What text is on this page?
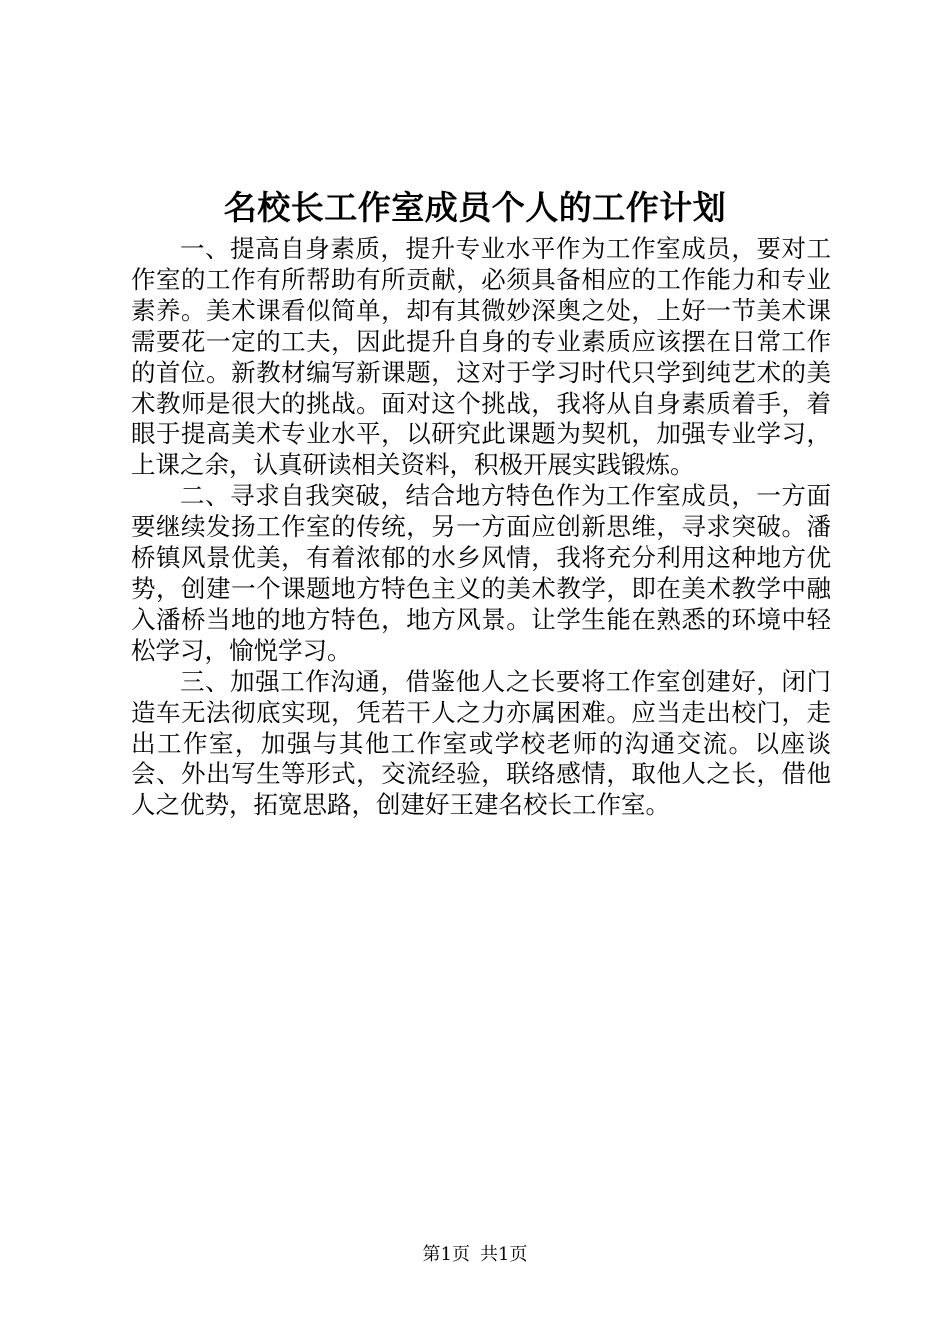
名校长工作室成员个人的工作计划

一、提高自身素质，提升专业水平作为工作室成员，要对工作室的工作有所帮助有所贡献，必须具备相应的工作能力和专业素养。美术课看似简单，却有其微妙深奥之处，上好一节美术课需要花一定的工夫，因此提升自身的专业素质应该摆在日常工作的首位。新教材编写新课题，这对于学习时代只学到纯艺术的美术教师是很大的挑战。面对这个挑战，我将从自身素质着手，着眼于提高美术专业水平，以研究此课题为契机，加强专业学习，上课之余，认真研读相关资料，积极开展实践锻炼。

二、寻求自我突破，结合地方特色作为工作室成员，一方面要继续发扬工作室的传统，另一方面应创新思维，寻求突破。潘桥镇风景优美，有着浓郁的水乡风情，我将充分利用这种地方优势，创建一个课题地方特色主义的美术教学，即在美术教学中融入潘桥当地的地方特色，地方风景。让学生能在熟悉的环境中轻松学习，愉悦学习。

三、加强工作沟通，借鉴他人之长要将工作室创建好，闭门造车无法彻底实现，凭若干人之力亦属困难。应当走出校门，走出工作室，加强与其他工作室或学校老师的沟通交流。以座谈会、外出写生等形式，交流经验，联络感情，取他人之长，借他人之优势，拓宽思路，创建好王建名校长工作室。

第1页 共1页
